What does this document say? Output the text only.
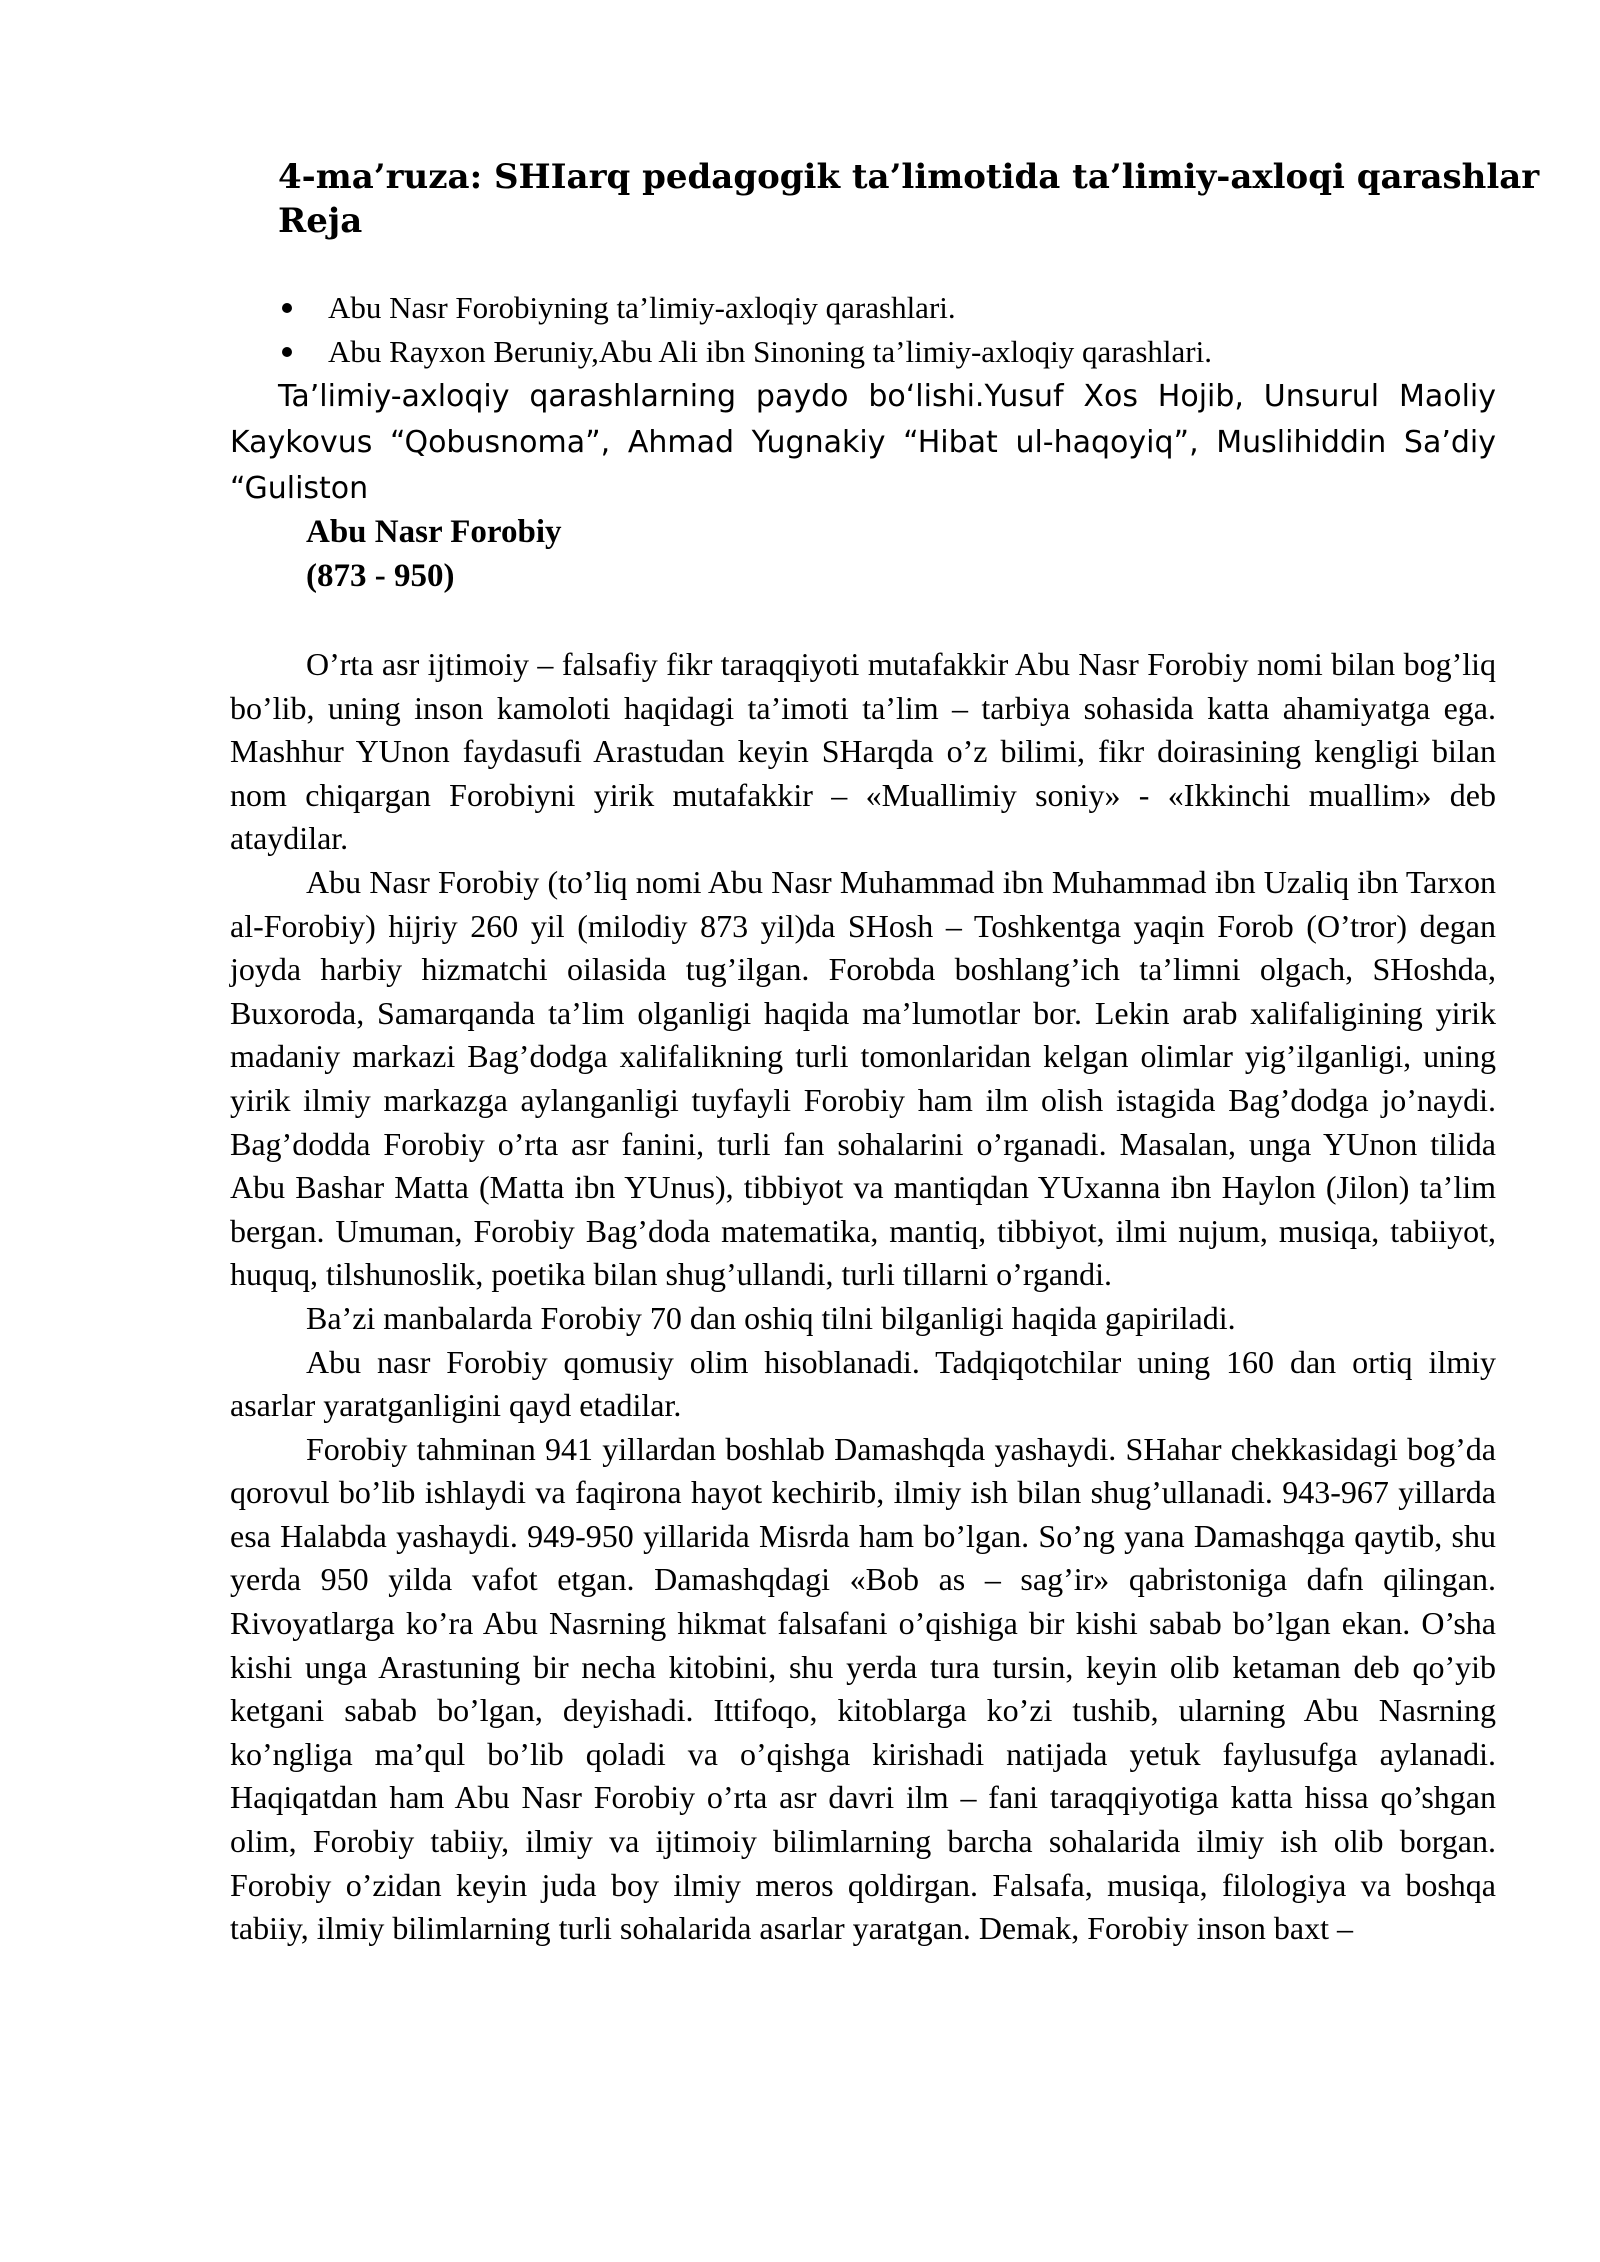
4-ma’ruza: SHIarq pedagogik ta’limotida ta’limiy-axloqi qarashlar
Reja
Abu Nasr Forobiyning ta’limiy-axloqiy qarashlari.
Abu Rayxon Beruniy,Abu Ali ibn Sinoning ta’limiy-axloqiy qarashlari.

Ta’limiy-axloqiy qarashlarning paydo boʻlishi.Yusuf Xos Hojib, Unsurul Maoliy Kaykovus “Qobusnoma”, Ahmad Yugnakiy “Hibat ul-haqoyiq”, Muslihiddin Sa’diy “Guliston

Abu Nasr Forobiy
(873 - 950)

O’rta asr ijtimoiy – falsafiy fikr taraqqiyoti mutafakkir Abu Nasr Forobiy nomi bilan bog’liq bo’lib, uning inson kamoloti haqidagi ta’imoti ta’lim – tarbiya sohasida katta ahamiyatga ega. Mashhur YUnon faydasufi Arastudan keyin SHarqda o’z bilimi, fikr doirasining kengligi bilan nom chiqargan Forobiyni yirik mutafakkir – «Muallimiy soniy» - «Ikkinchi muallim» deb ataydilar.

Abu Nasr Forobiy (to’liq nomi Abu Nasr Muhammad ibn Muhammad ibn Uzaliq ibn Tarxon al-Forobiy) hijriy 260 yil (milodiy 873 yil)da SHosh – Toshkentga yaqin Forob (O’tror) degan joyda harbiy hizmatchi oilasida tug’ilgan. Forobda boshlang’ich ta’limni olgach, SHoshda, Buxoroda, Samarqanda ta’lim olganligi haqida ma’lumotlar bor. Lekin arab xalifaligining yirik madaniy markazi Bag’dodga xalifalikning turli tomonlaridan kelgan olimlar yig’ilganligi, uning yirik ilmiy markazga aylanganligi tuyfayli Forobiy ham ilm olish istagida Bag’dodga jo’naydi. Bag’dodda Forobiy o’rta asr fanini, turli fan sohalarini o’rganadi. Masalan, unga YUnon tilida Abu Bashar Matta (Matta ibn YUnus), tibbiyot va mantiqdan YUxanna ibn Haylon (Jilon) ta’lim bergan. Umuman, Forobiy Bag’doda matematika, mantiq, tibbiyot, ilmi nujum, musiqa, tabiiyot, huquq, tilshunoslik, poetika bilan shug’ullandi, turli tillarni o’rgandi.

Ba’zi manbalarda Forobiy 70 dan oshiq tilni bilganligi haqida gapiriladi.

Abu nasr Forobiy qomusiy olim hisoblanadi. Tadqiqotchilar uning 160 dan ortiq ilmiy asarlar yaratganligini qayd etadilar.

Forobiy tahminan 941 yillardan boshlab Damashqda yashaydi. SHahar chekkasidagi bog’da qorovul bo’lib ishlaydi va faqirona hayot kechirib, ilmiy ish bilan shug’ullanadi. 943-967 yillarda esa Halabda yashaydi. 949-950 yillarida Misrda ham bo’lgan. So’ng yana Damashqga qaytib, shu yerda 950 yilda vafot etgan. Damashqdagi «Bob as – sag’ir» qabristoniga dafn qilingan. Rivoyatlarga ko’ra Abu Nasrning hikmat falsafani o’qishiga bir kishi sabab bo’lgan ekan. O’sha kishi unga Arastuning bir necha kitobini, shu yerda tura tursin, keyin olib ketaman deb qo’yib ketgani sabab bo’lgan, deyishadi. Ittifoqo, kitoblarga ko’zi tushib, ularning Abu Nasrning ko’ngliga ma’qul bo’lib qoladi va o’qishga kirishadi natijada yetuk faylusufga aylanadi. Haqiqatdan ham Abu Nasr Forobiy o’rta asr davri ilm – fani taraqqiyotiga katta hissa qo’shgan olim, Forobiy tabiiy, ilmiy va ijtimoiy bilimlarning barcha sohalarida ilmiy ish olib borgan. Forobiy o’zidan keyin juda boy ilmiy meros qoldirgan. Falsafa, musiqa, filologiya va boshqa tabiiy, ilmiy bilimlarning turli sohalarida asarlar yaratgan. Demak, Forobiy inson baxt –
